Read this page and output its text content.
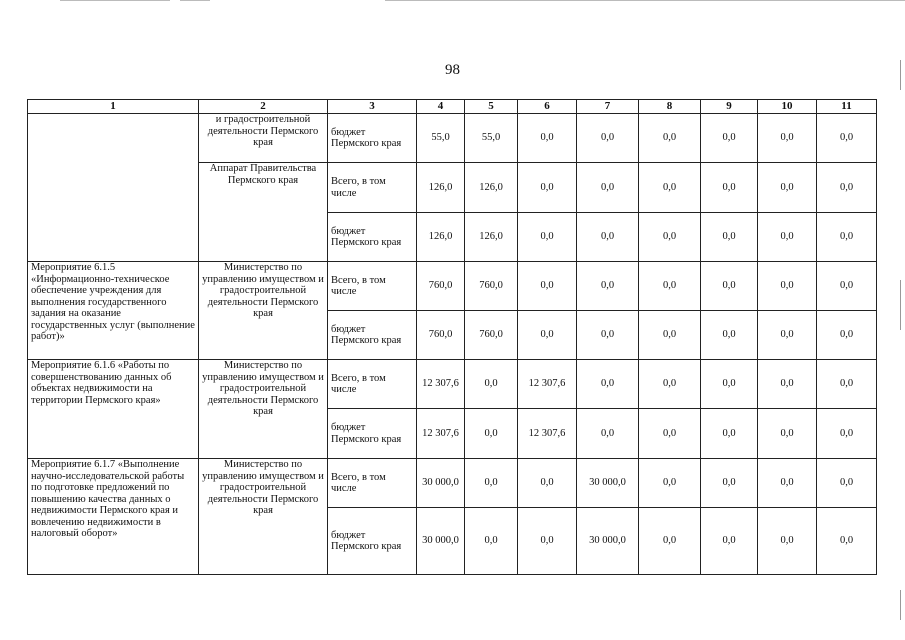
98
1	2	3	4	5	6	7	8	9	10	11
	и градостроительной деятельности Пермского края	бюджет Пермского края	55,0	55,0	0,0	0,0	0,0	0,0	0,0	0,0
	Аппарат Правительства Пермского края	Всего, в том числе	126,0	126,0	0,0	0,0	0,0	0,0	0,0	0,0
		бюджет Пермского края	126,0	126,0	0,0	0,0	0,0	0,0	0,0	0,0
Мероприятие 6.1.5 «Информационно-техническое обеспечение учреждения для выполнения государственного задания на оказание государственных услуг (выполнение работ)»	Министерство по управлению имуществом и градостроительной деятельности Пермского края	Всего, в том числе	760,0	760,0	0,0	0,0	0,0	0,0	0,0	0,0
		бюджет Пермского края	760,0	760,0	0,0	0,0	0,0	0,0	0,0	0,0
Мероприятие 6.1.6 «Работы по совершенствованию данных об объектах недвижимости на территории Пермского края»	Министерство по управлению имуществом и градостроительной деятельности Пермского края	Всего, в том числе	12 307,6	0,0	12 307,6	0,0	0,0	0,0	0,0	0,0
		бюджет Пермского края	12 307,6	0,0	12 307,6	0,0	0,0	0,0	0,0	0,0
Мероприятие 6.1.7 «Выполнение научно-исследовательской работы по подготовке предложений по повышению качества данных о недвижимости Пермского края и вовлечению недвижимости в налоговый оборот»	Министерство по управлению имуществом и градостроительной деятельности Пермского края	Всего, в том числе	30 000,0	0,0	0,0	30 000,0	0,0	0,0	0,0	0,0
		бюджет Пермского края	30 000,0	0,0	0,0	30 000,0	0,0	0,0	0,0	0,0
